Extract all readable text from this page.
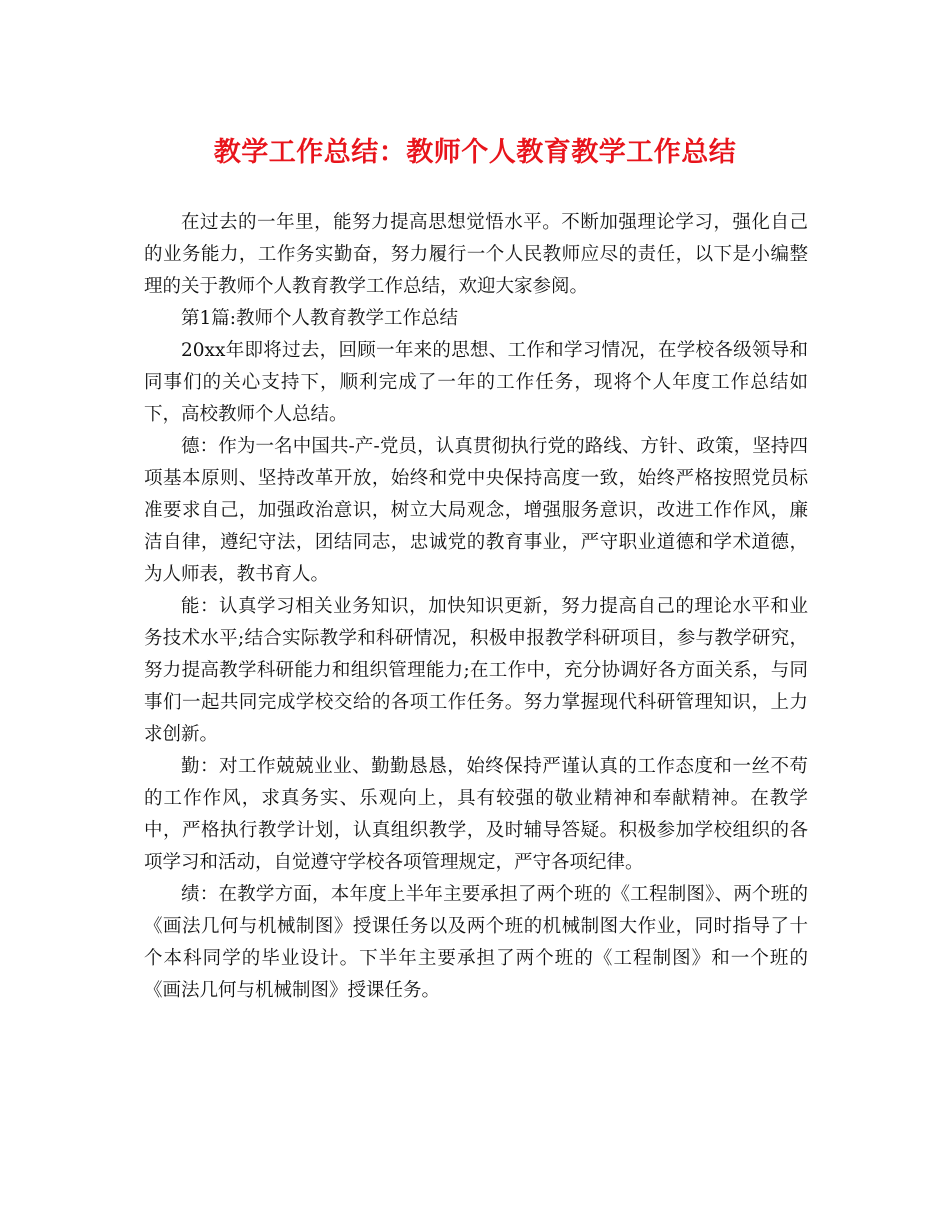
教学工作总结：教师个人教育教学工作总结

在过去的一年里，能努力提高思想觉悟水平。不断加强理论学习，强化自己的业务能力，工作务实勤奋，努力履行一个人民教师应尽的责任，以下是小编整理的关于教师个人教育教学工作总结，欢迎大家参阅。

第1篇:教师个人教育教学工作总结

20xx年即将过去，回顾一年来的思想、工作和学习情况，在学校各级领导和同事们的关心支持下，顺利完成了一年的工作任务，现将个人年度工作总结如下，高校教师个人总结。

德：作为一名中国共-产-党员，认真贯彻执行党的路线、方针、政策，坚持四项基本原则、坚持改革开放，始终和党中央保持高度一致，始终严格按照党员标准要求自己，加强政治意识，树立大局观念，增强服务意识，改进工作作风，廉洁自律，遵纪守法，团结同志，忠诚党的教育事业，严守职业道德和学术道德，为人师表，教书育人。

能：认真学习相关业务知识，加快知识更新，努力提高自己的理论水平和业务技术水平;结合实际教学和科研情况，积极申报教学科研项目，参与教学研究，努力提高教学科研能力和组织管理能力;在工作中，充分协调好各方面关系，与同事们一起共同完成学校交给的各项工作任务。努力掌握现代科研管理知识，上力求创新。

勤：对工作兢兢业业、勤勤恳恳，始终保持严谨认真的工作态度和一丝不苟的工作作风，求真务实、乐观向上，具有较强的敬业精神和奉献精神。在教学中，严格执行教学计划，认真组织教学，及时辅导答疑。积极参加学校组织的各项学习和活动，自觉遵守学校各项管理规定，严守各项纪律。

绩：在教学方面，本年度上半年主要承担了两个班的《工程制图》、两个班的《画法几何与机械制图》授课任务以及两个班的机械制图大作业，同时指导了十个本科同学的毕业设计。下半年主要承担了两个班的《工程制图》和一个班的《画法几何与机械制图》授课任务。
